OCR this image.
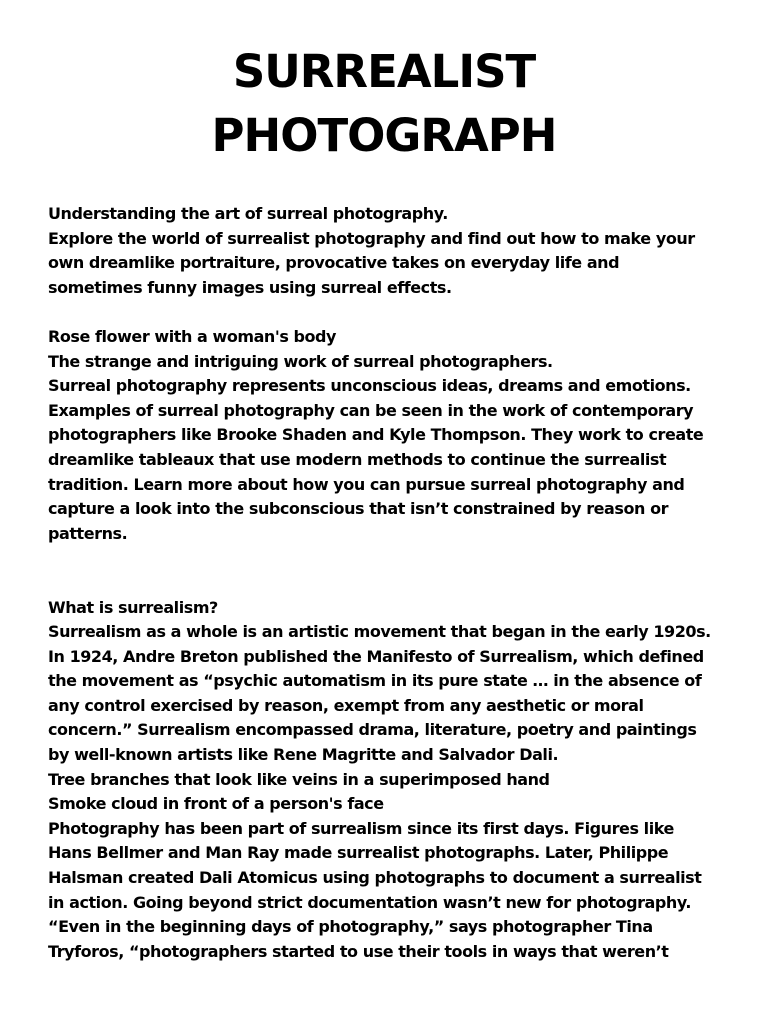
SURREALIST
PHOTOGRAPH
Understanding the art of surreal photography.
Explore the world of surrealist photography and find out how to make your
own dreamlike portraiture, provocative takes on everyday life and
sometimes funny images using surreal effects.
Rose flower with a woman's body
The strange and intriguing work of surreal photographers.
Surreal photography represents unconscious ideas, dreams and emotions.
Examples of surreal photography can be seen in the work of contemporary
photographers like Brooke Shaden and Kyle Thompson. They work to create
dreamlike tableaux that use modern methods to continue the surrealist
tradition. Learn more about how you can pursue surreal photography and
capture a look into the subconscious that isn’t constrained by reason or
patterns.
What is surrealism?
Surrealism as a whole is an artistic movement that began in the early 1920s.
In 1924, Andre Breton published the Manifesto of Surrealism, which defined
the movement as “psychic automatism in its pure state … in the absence of
any control exercised by reason, exempt from any aesthetic or moral
concern.” Surrealism encompassed drama, literature, poetry and paintings
by well-known artists like Rene Magritte and Salvador Dali.
Tree branches that look like veins in a superimposed hand
Smoke cloud in front of a person's face
Photography has been part of surrealism since its first days. Figures like
Hans Bellmer and Man Ray made surrealist photographs. Later, Philippe
Halsman created Dali Atomicus using photographs to document a surrealist
in action. Going beyond strict documentation wasn’t new for photography.
“Even in the beginning days of photography,” says photographer Tina
Tryforos, “photographers started to use their tools in ways that weren’t
